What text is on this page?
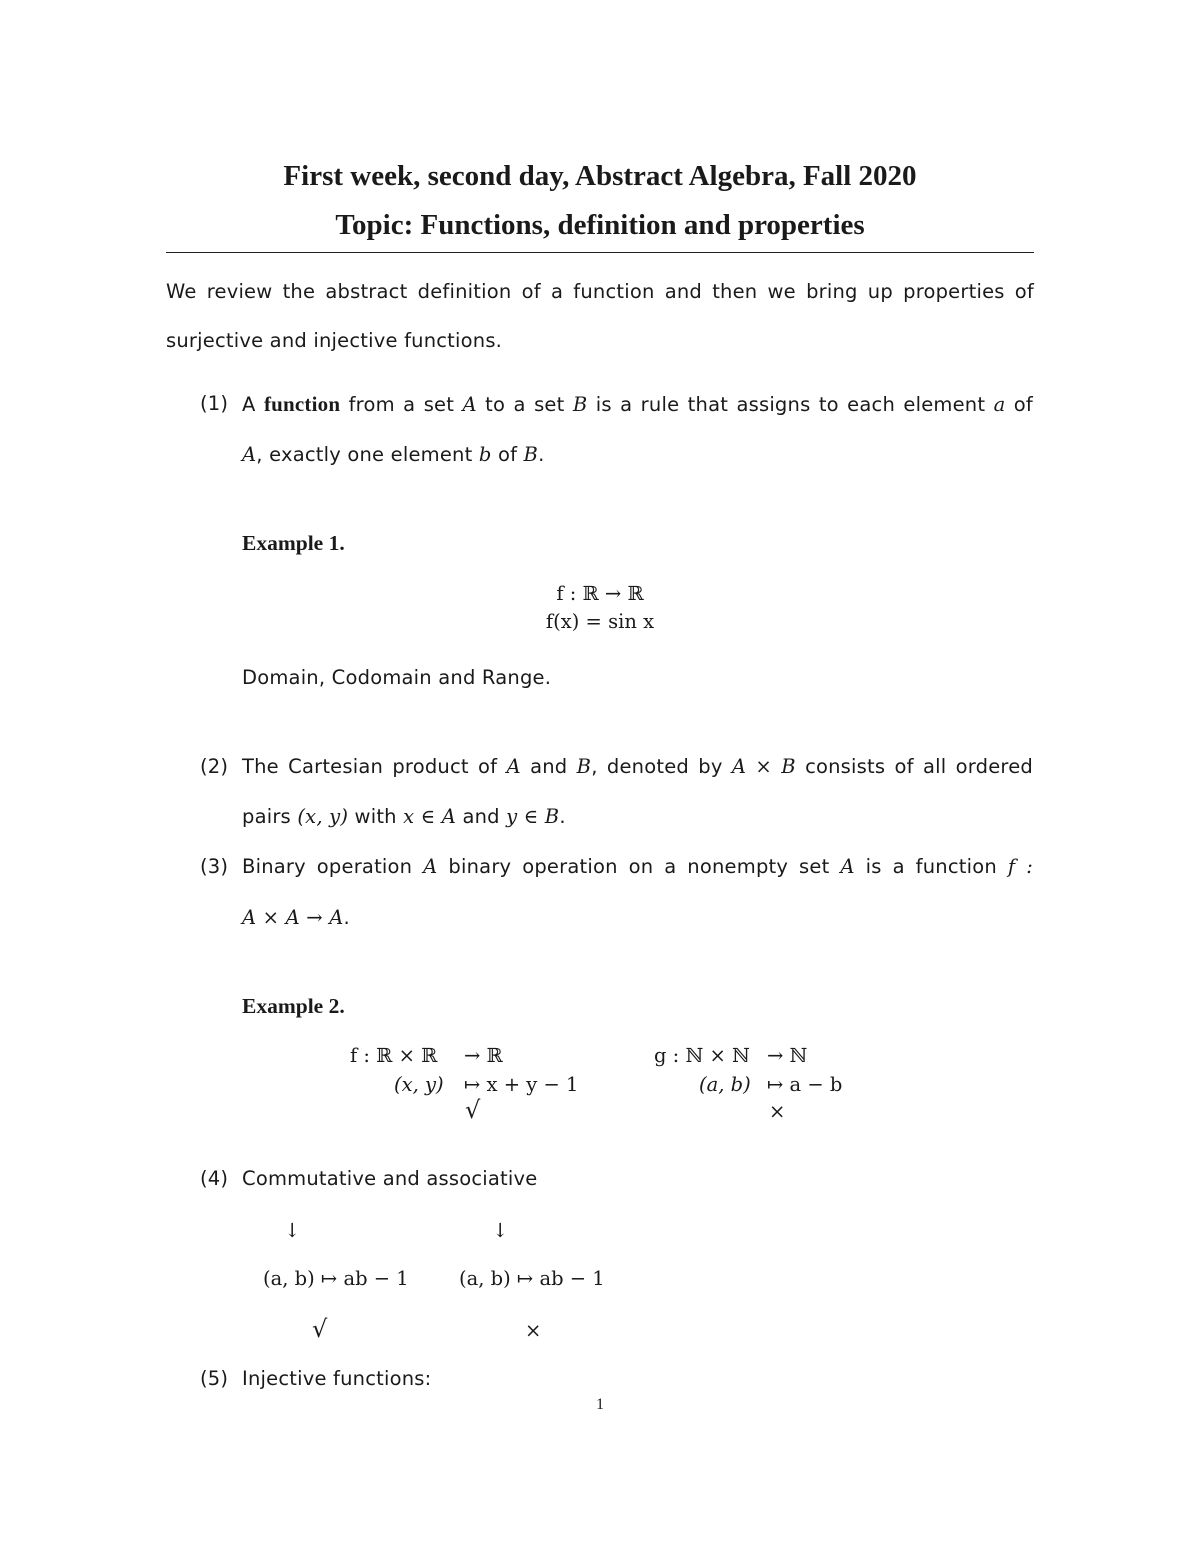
First week, second day, Abstract Algebra, Fall 2020
Topic: Functions, definition and properties
We review the abstract definition of a function and then we bring up properties of
surjective and injective functions.
(1) A function from a set A to a set B is a rule that assigns to each element a of
A, exactly one element b of B.
Example 1.
f : ℝ → ℝ
f(x) = sin x
Domain, Codomain and Range.
(2) The Cartesian product of A and B, denoted by A × B consists of all ordered
pairs (x, y) with x ∈ A and y ∈ B.
(3) Binary operation A binary operation on a nonempty set A is a function f :
A × A → A.
Example 2.
f : ℝ × ℝ → ℝ
(x, y) ↦ x + y − 1
√
g : ℕ × ℕ → ℕ
(a, b) ↦ a − b
×
(4) Commutative and associative
↓	↓
(a, b) ↦ ab − 1	(a, b) ↦ ab − 1
√	×
(5) Injective functions:
1
